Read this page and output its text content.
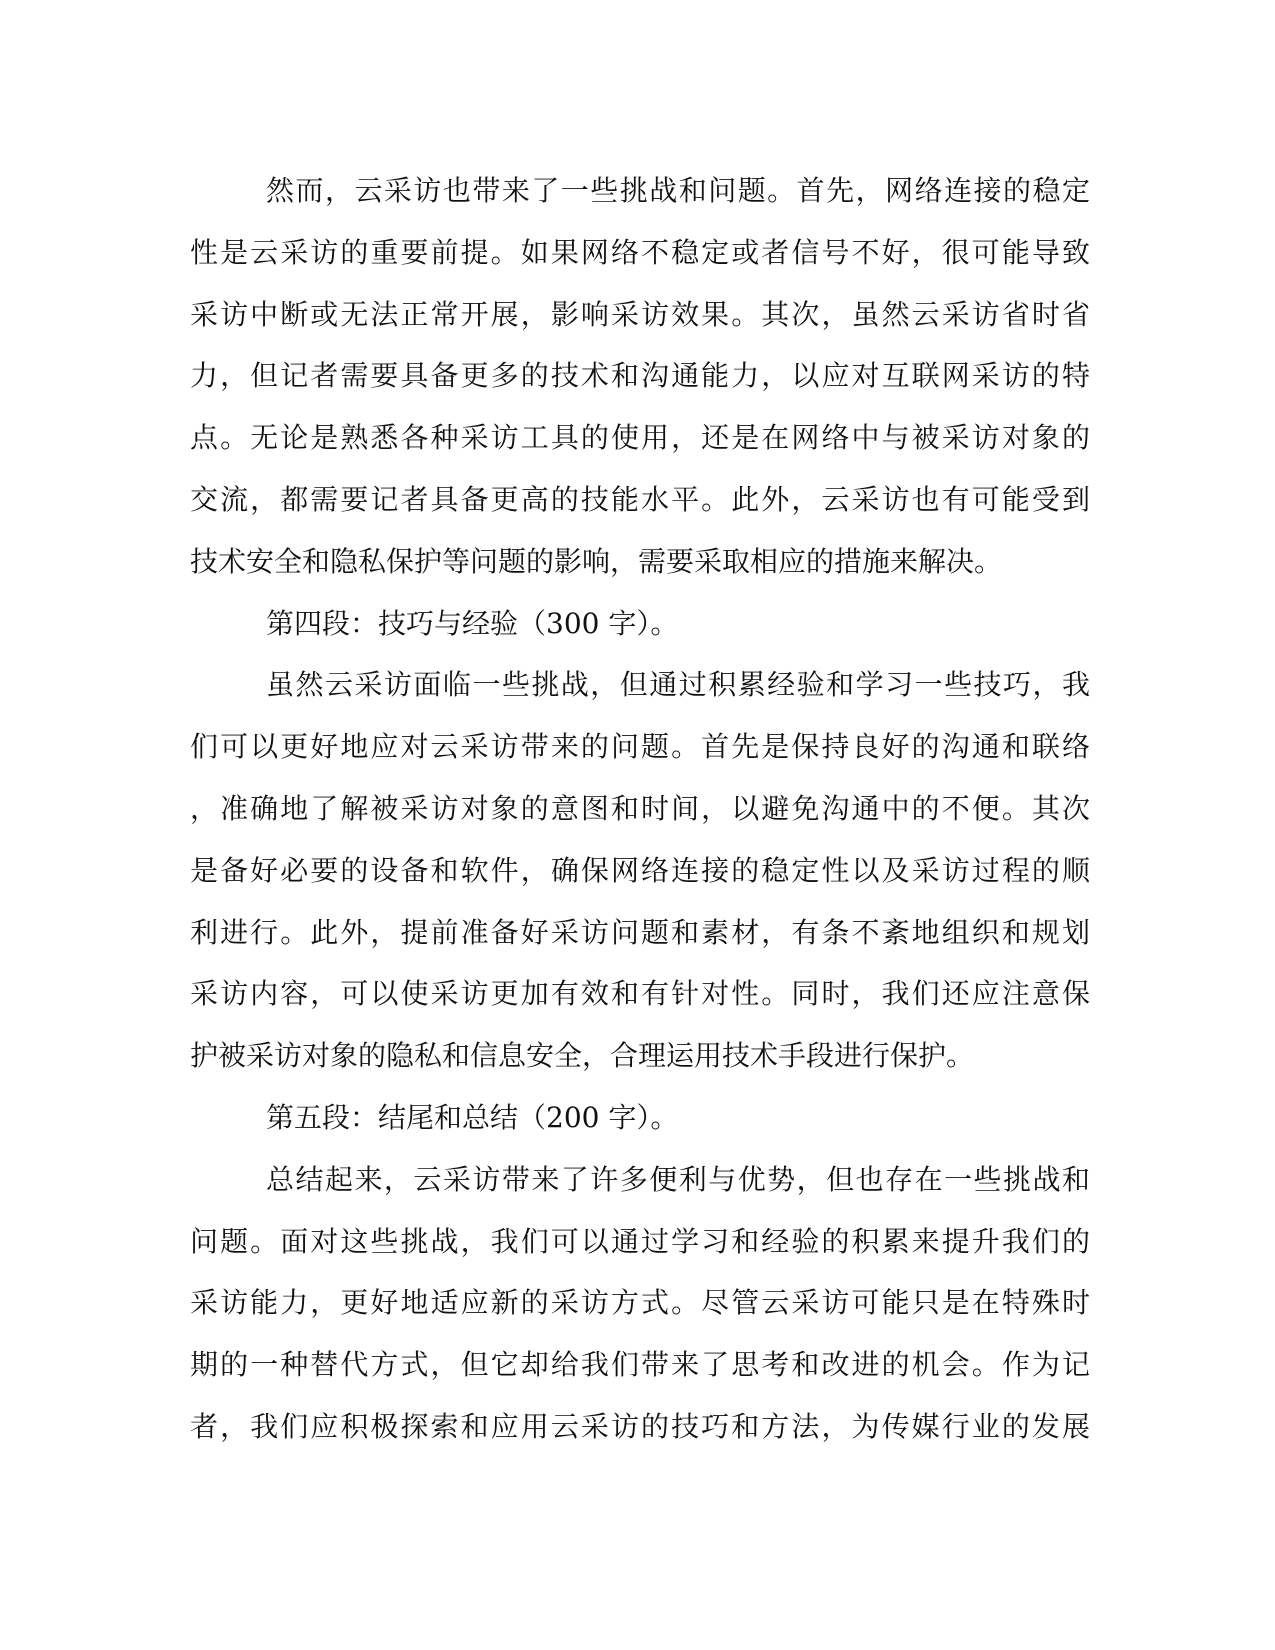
然而，云采访也带来了一些挑战和问题。首先，网络连接的稳定
性是云采访的重要前提。如果网络不稳定或者信号不好，很可能导致
采访中断或无法正常开展，影响采访效果。其次，虽然云采访省时省
力，但记者需要具备更多的技术和沟通能力，以应对互联网采访的特
点。无论是熟悉各种采访工具的使用，还是在网络中与被采访对象的
交流，都需要记者具备更高的技能水平。此外，云采访也有可能受到
技术安全和隐私保护等问题的影响，需要采取相应的措施来解决。
第四段：技巧与经验（300 字）。
虽然云采访面临一些挑战，但通过积累经验和学习一些技巧，我
们可以更好地应对云采访带来的问题。首先是保持良好的沟通和联络
，准确地了解被采访对象的意图和时间，以避免沟通中的不便。其次
是备好必要的设备和软件，确保网络连接的稳定性以及采访过程的顺
利进行。此外，提前准备好采访问题和素材，有条不紊地组织和规划
采访内容，可以使采访更加有效和有针对性。同时，我们还应注意保
护被采访对象的隐私和信息安全，合理运用技术手段进行保护。
第五段：结尾和总结（200 字）。
总结起来，云采访带来了许多便利与优势，但也存在一些挑战和
问题。面对这些挑战，我们可以通过学习和经验的积累来提升我们的
采访能力，更好地适应新的采访方式。尽管云采访可能只是在特殊时
期的一种替代方式，但它却给我们带来了思考和改进的机会。作为记
者，我们应积极探索和应用云采访的技巧和方法，为传媒行业的发展
